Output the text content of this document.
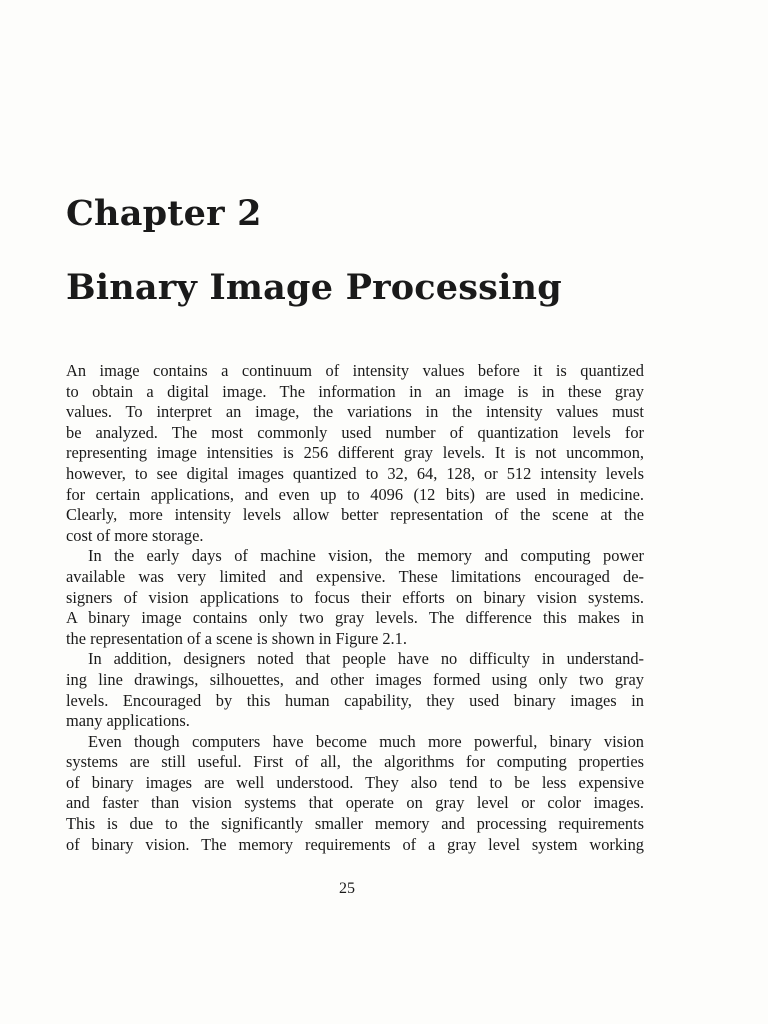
Chapter 2
Binary Image Processing
An image contains a continuum of intensity values before it is quantized
to obtain a digital image. The information in an image is in these gray
values. To interpret an image, the variations in the intensity values must
be analyzed. The most commonly used number of quantization levels for
representing image intensities is 256 different gray levels. It is not uncommon,
however, to see digital images quantized to 32, 64, 128, or 512 intensity levels
for certain applications, and even up to 4096 (12 bits) are used in medicine.
Clearly, more intensity levels allow better representation of the scene at the
cost of more storage.
In the early days of machine vision, the memory and computing power
available was very limited and expensive. These limitations encouraged de-
signers of vision applications to focus their efforts on binary vision systems.
A binary image contains only two gray levels. The difference this makes in
the representation of a scene is shown in Figure 2.1.
In addition, designers noted that people have no difficulty in understand-
ing line drawings, silhouettes, and other images formed using only two gray
levels. Encouraged by this human capability, they used binary images in
many applications.
Even though computers have become much more powerful, binary vision
systems are still useful. First of all, the algorithms for computing properties
of binary images are well understood. They also tend to be less expensive
and faster than vision systems that operate on gray level or color images.
This is due to the significantly smaller memory and processing requirements
of binary vision. The memory requirements of a gray level system working
25
